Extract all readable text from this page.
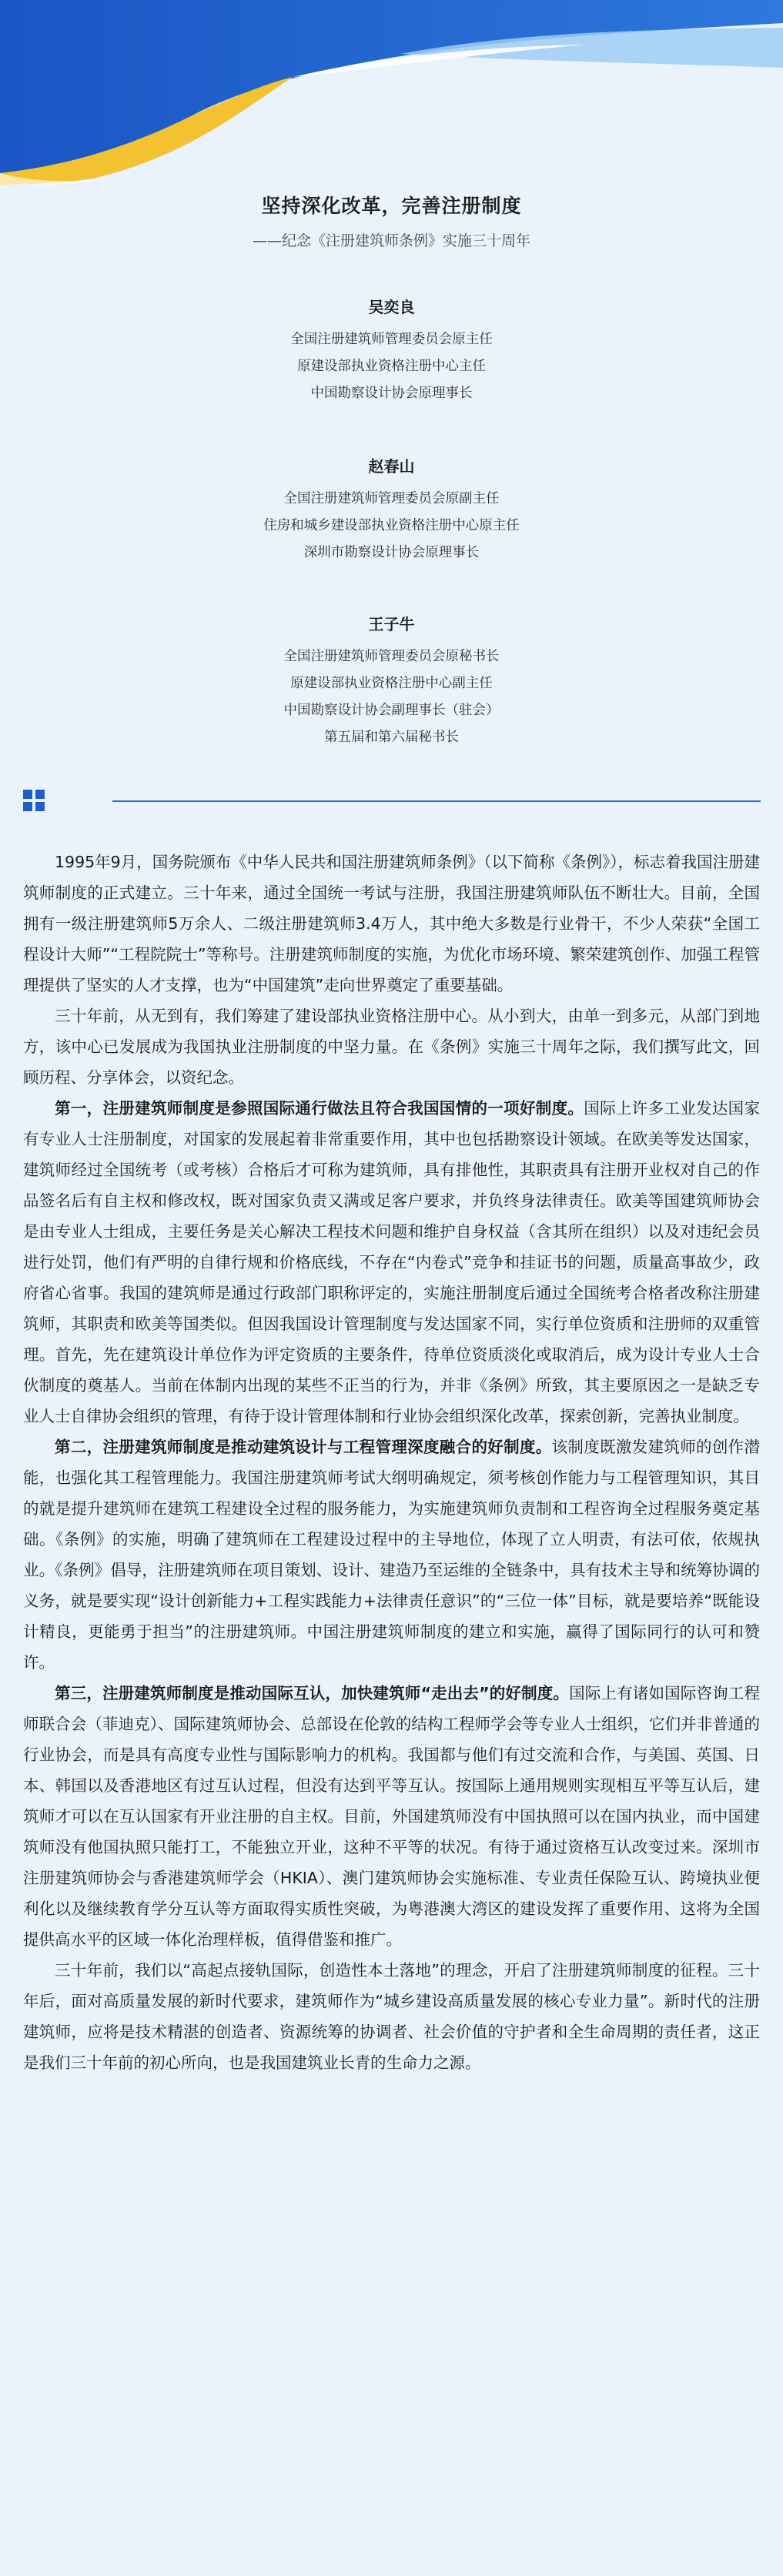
坚持深化改革，完善注册制度
——纪念《注册建筑师条例》实施三十周年
吴奕良
全国注册建筑师管理委员会原主任
原建设部执业资格注册中心主任
中国勘察设计协会原理事长
赵春山
全国注册建筑师管理委员会原副主任
住房和城乡建设部执业资格注册中心原主任
深圳市勘察设计协会原理事长
王子牛
全国注册建筑师管理委员会原秘书长
原建设部执业资格注册中心副主任
中国勘察设计协会副理事长（驻会）
第五届和第六届秘书长

1995年9月，国务院颁布《中华人民共和国注册建筑师条例》（以下简称《条例》），标志着我国注册建筑师制度的正式建立。三十年来，通过全国统一考试与注册，我国注册建筑师队伍不断壮大。目前，全国拥有一级注册建筑师5万余人、二级注册建筑师3.4万人，其中绝大多数是行业骨干，不少人荣获“全国工程设计大师”“工程院院士”等称号。注册建筑师制度的实施，为优化市场环境、繁荣建筑创作、加强工程管理提供了坚实的人才支撑，也为“中国建筑”走向世界奠定了重要基础。

三十年前，从无到有，我们筹建了建设部执业资格注册中心。从小到大，由单一到多元，从部门到地方，该中心已发展成为我国执业注册制度的中坚力量。在《条例》实施三十周年之际，我们撰写此文，回顾历程、分享体会，以资纪念。

第一，注册建筑师制度是参照国际通行做法且符合我国国情的一项好制度。国际上许多工业发达国家有专业人士注册制度，对国家的发展起着非常重要作用，其中也包括勘察设计领域。在欧美等发达国家，建筑师经过全国统考（或考核）合格后才可称为建筑师，具有排他性，其职责具有注册开业权对自己的作品签名后有自主权和修改权，既对国家负责又满或足客户要求，并负终身法律责任。欧美等国建筑师协会是由专业人士组成，主要任务是关心解决工程技术问题和维护自身权益（含其所在组织）以及对违纪会员进行处罚，他们有严明的自律行规和价格底线，不存在“内卷式”竞争和挂证书的问题，质量高事故少，政府省心省事。我国的建筑师是通过行政部门职称评定的，实施注册制度后通过全国统考合格者改称注册建筑师，其职责和欧美等国类似。但因我国设计管理制度与发达国家不同，实行单位资质和注册师的双重管理。首先，先在建筑设计单位作为评定资质的主要条件，待单位资质淡化或取消后，成为设计专业人士合伙制度的奠基人。当前在体制内出现的某些不正当的行为，并非《条例》所致，其主要原因之一是缺乏专业人士自律协会组织的管理，有待于设计管理体制和行业协会组织深化改革，探索创新，完善执业制度。

第二，注册建筑师制度是推动建筑设计与工程管理深度融合的好制度。该制度既激发建筑师的创作潜能，也强化其工程管理能力。我国注册建筑师考试大纲明确规定，须考核创作能力与工程管理知识，其目的就是提升建筑师在建筑工程建设全过程的服务能力，为实施建筑师负责制和工程咨询全过程服务奠定基础。《条例》的实施，明确了建筑师在工程建设过程中的主导地位，体现了立人明责，有法可依，依规执业。《条例》倡导，注册建筑师在项目策划、设计、建造乃至运维的全链条中，具有技术主导和统筹协调的义务，就是要实现“设计创新能力+工程实践能力+法律责任意识”的“三位一体”目标，就是要培养“既能设计精良，更能勇于担当”的注册建筑师。中国注册建筑师制度的建立和实施，赢得了国际同行的认可和赞许。

第三，注册建筑师制度是推动国际互认，加快建筑师“走出去”的好制度。国际上有诸如国际咨询工程师联合会（菲迪克）、国际建筑师协会、总部设在伦敦的结构工程师学会等专业人士组织，它们并非普通的行业协会，而是具有高度专业性与国际影响力的机构。我国都与他们有过交流和合作，与美国、英国、日本、韩国以及香港地区有过互认过程，但没有达到平等互认。按国际上通用规则实现相互平等互认后，建筑师才可以在互认国家有开业注册的自主权。目前，外国建筑师没有中国执照可以在国内执业，而中国建筑师没有他国执照只能打工，不能独立开业，这种不平等的状况。有待于通过资格互认改变过来。深圳市注册建筑师协会与香港建筑师学会（HKIA）、澳门建筑师协会实施标准、专业责任保险互认、跨境执业便利化以及继续教育学分互认等方面取得实质性突破，为粤港澳大湾区的建设发挥了重要作用、这将为全国提供高水平的区域一体化治理样板，值得借鉴和推广。

三十年前，我们以“高起点接轨国际，创造性本土落地”的理念，开启了注册建筑师制度的征程。三十年后，面对高质量发展的新时代要求，建筑师作为“城乡建设高质量发展的核心专业力量”。新时代的注册建筑师，应将是技术精湛的创造者、资源统筹的协调者、社会价值的守护者和全生命周期的责任者，这正是我们三十年前的初心所向，也是我国建筑业长青的生命力之源。
